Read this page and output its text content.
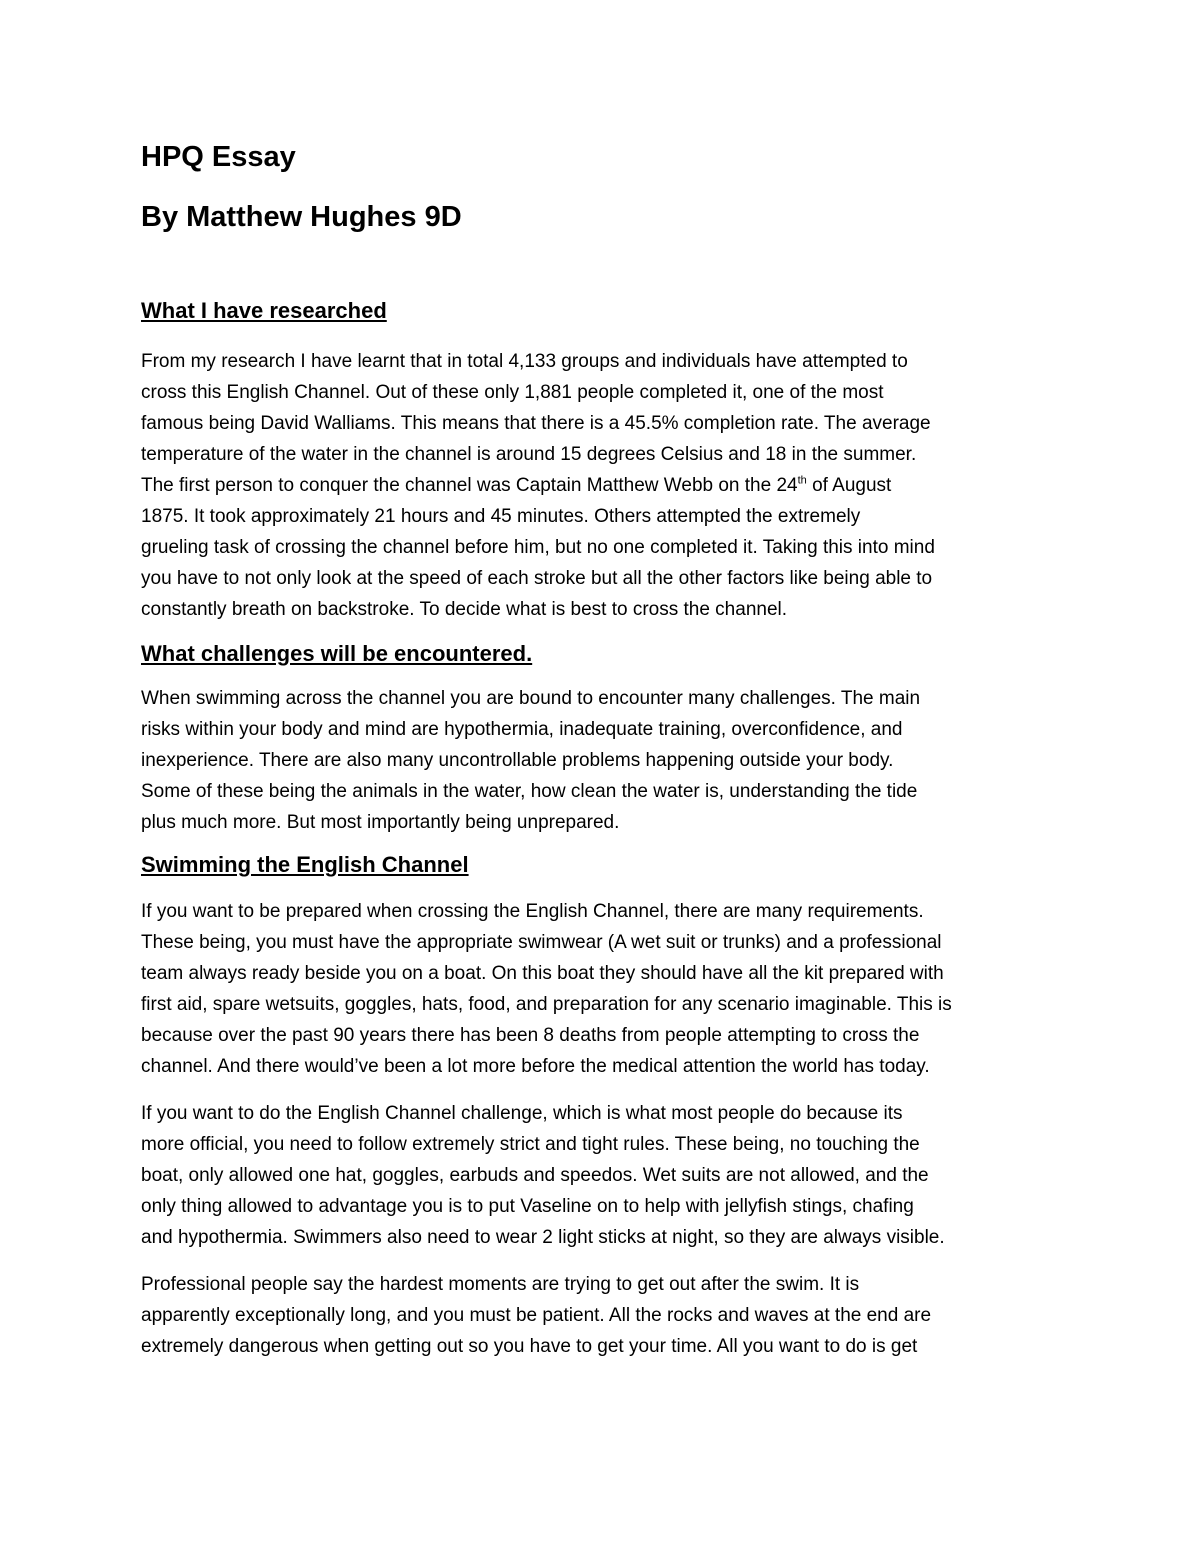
HPQ Essay
By Matthew Hughes 9D
What I have researched

From my research I have learnt that in total 4,133 groups and individuals have attempted to
cross this English Channel. Out of these only 1,881 people completed it, one of the most
famous being David Walliams. This means that there is a 45.5% completion rate. The average
temperature of the water in the channel is around 15 degrees Celsius and 18 in the summer.
The first person to conquer the channel was Captain Matthew Webb on the 24th of August
1875. It took approximately 21 hours and 45 minutes. Others attempted the extremely
grueling task of crossing the channel before him, but no one completed it. Taking this into mind
you have to not only look at the speed of each stroke but all the other factors like being able to
constantly breath on backstroke. To decide what is best to cross the channel.

What challenges will be encountered.

When swimming across the channel you are bound to encounter many challenges. The main
risks within your body and mind are hypothermia, inadequate training, overconfidence, and
inexperience. There are also many uncontrollable problems happening outside your body.
Some of these being the animals in the water, how clean the water is, understanding the tide
plus much more. But most importantly being unprepared.

Swimming the English Channel

If you want to be prepared when crossing the English Channel, there are many requirements.
These being, you must have the appropriate swimwear (A wet suit or trunks) and a professional
team always ready beside you on a boat. On this boat they should have all the kit prepared with
first aid, spare wetsuits, goggles, hats, food, and preparation for any scenario imaginable. This is
because over the past 90 years there has been 8 deaths from people attempting to cross the
channel. And there would’ve been a lot more before the medical attention the world has today.

If you want to do the English Channel challenge, which is what most people do because its
more official, you need to follow extremely strict and tight rules. These being, no touching the
boat, only allowed one hat, goggles, earbuds and speedos. Wet suits are not allowed, and the
only thing allowed to advantage you is to put Vaseline on to help with jellyfish stings, chafing
and hypothermia. Swimmers also need to wear 2 light sticks at night, so they are always visible.

Professional people say the hardest moments are trying to get out after the swim. It is
apparently exceptionally long, and you must be patient. All the rocks and waves at the end are
extremely dangerous when getting out so you have to get your time. All you want to do is get
